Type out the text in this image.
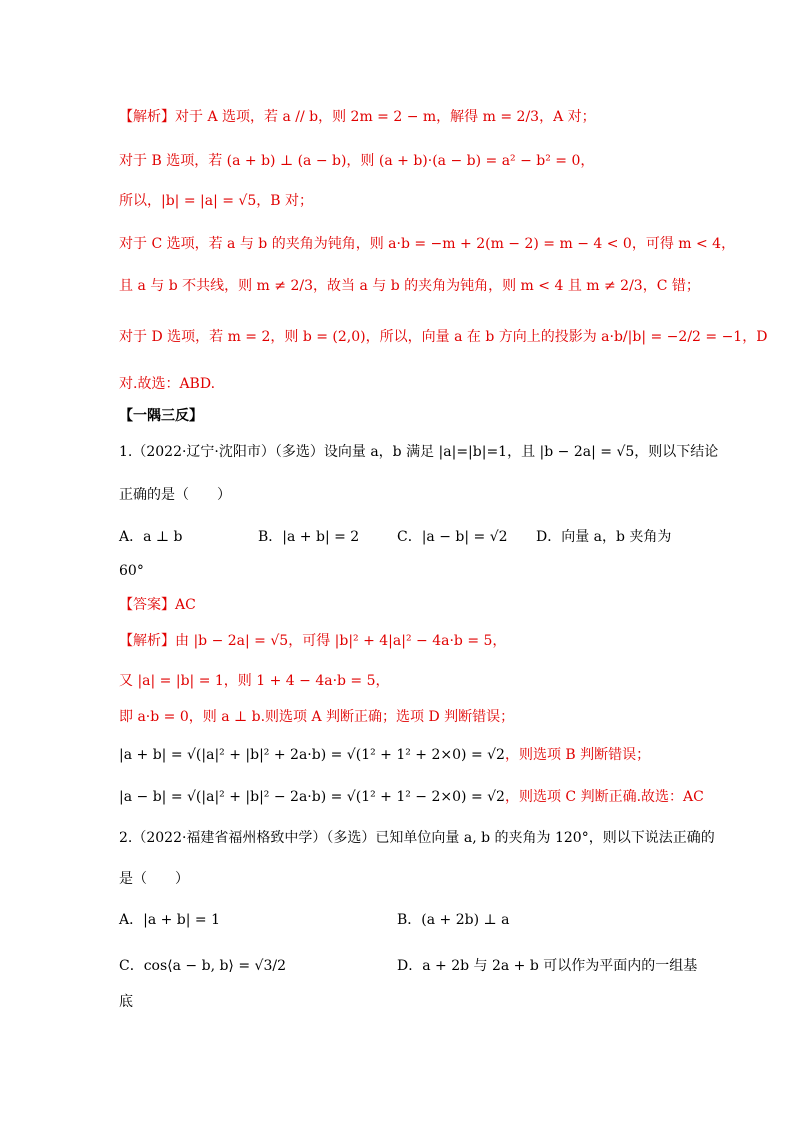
【解析】对于 A 选项，若 a // b，则 2m = 2 − m，解得 m = 2/3，A 对；
对于 B 选项，若 (a + b) ⊥ (a − b)，则 (a + b)·(a − b) = a² − b² = 0，
所以，|b| = |a| = √5，B 对；
对于 C 选项，若 a 与 b 的夹角为钝角，则 a·b = −m + 2(m − 2) = m − 4 < 0，可得 m < 4，
且 a 与 b 不共线，则 m ≠ 2/3，故当 a 与 b 的夹角为钝角，则 m < 4 且 m ≠ 2/3，C 错；
对于 D 选项，若 m = 2，则 b = (2,0)，所以，向量 a 在 b 方向上的投影为 a·b/|b| = −2/2 = −1，D
对.故选：ABD.
【一隅三反】
1.（2022·辽宁·沈阳市）（多选）设向量 a，b 满足 |a|=|b|=1，且 |b − 2a| = √5，则以下结论
正确的是（　　）
A．a ⊥ b	B．|a + b| = 2	C．|a − b| = √2 D．向量 a，b 夹角为
60°
【答案】AC
【解析】由 |b − 2a| = √5，可得 |b|² + 4|a|² − 4a·b = 5，
又 |a| = |b| = 1，则 1 + 4 − 4a·b = 5，
即 a·b = 0，则 a ⊥ b.则选项 A 判断正确；选项 D 判断错误；
|a + b| = √(|a|² + |b|² + 2a·b) = √(1² + 1² + 2×0) = √2，则选项 B 判断错误；
|a − b| = √(|a|² + |b|² − 2a·b) = √(1² + 1² − 2×0) = √2，则选项 C 判断正确.故选：AC
2.（2022·福建省福州格致中学）（多选）已知单位向量 a, b 的夹角为 120°，则以下说法正确的
是（　　）
A．|a + b| = 1	B．(a + 2b) ⊥ a
C．cos⟨a − b, b⟩ = √3/2	D．a + 2b 与 2a + b 可以作为平面内的一组基
底
